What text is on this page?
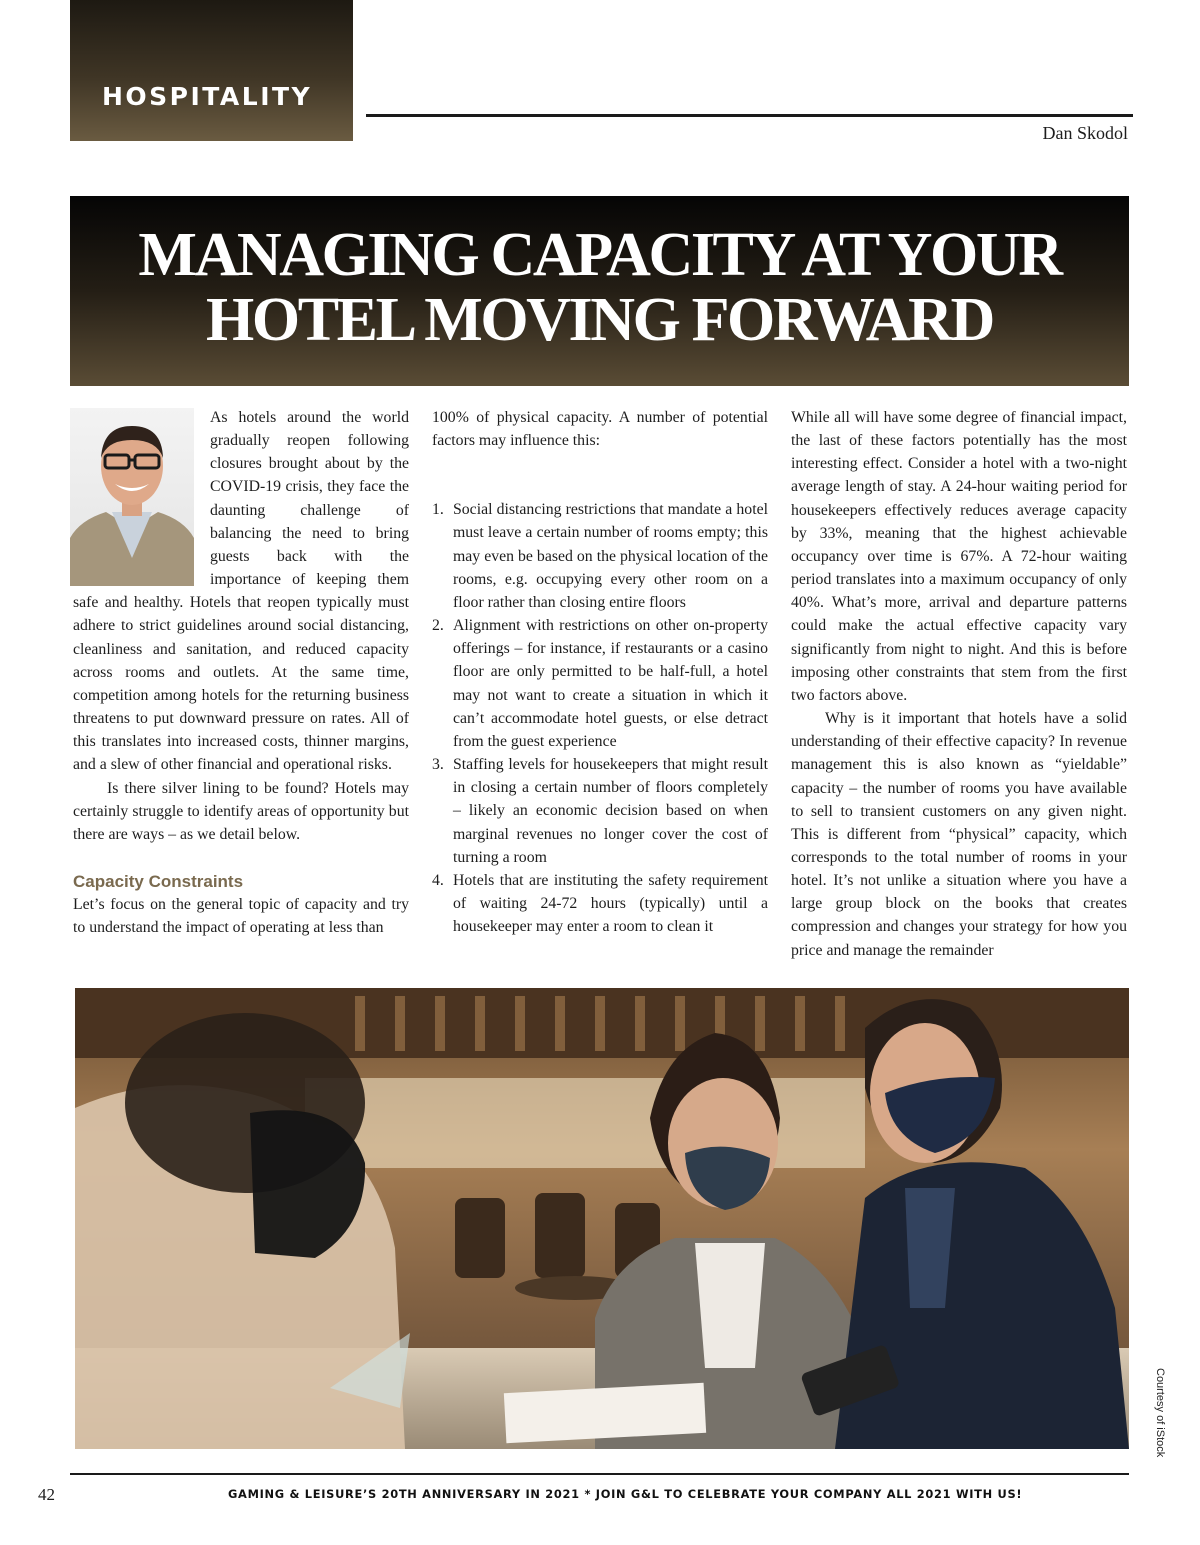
HOSPITALITY
Dan Skodol
MANAGING CAPACITY AT YOUR
HOTEL MOVING FORWARD

As hotels around the world gradually reopen following closures brought about by the COVID-19 crisis, they face the daunting challenge of balancing the need to bring guests back with the importance of keeping them safe and healthy. Hotels that reopen typically must adhere to strict guidelines around social distancing, cleanliness and sanitation, and reduced capacity across rooms and outlets. At the same time, competition among hotels for the returning business threatens to put downward pressure on rates. All of this translates into increased costs, thinner margins, and a slew of other financial and operational risks.

Is there silver lining to be found? Hotels may certainly struggle to identify areas of opportunity but there are ways – as we detail below.

Capacity Constraints

Let’s focus on the general topic of capacity and try to understand the impact of operating at less than

100% of physical capacity. A number of potential factors may influence this:

1. Social distancing restrictions that mandate a hotel must leave a certain number of rooms empty; this may even be based on the physical location of the rooms, e.g. occupying every other room on a floor rather than closing entire floors
2. Alignment with restrictions on other on-property offerings – for instance, if restaurants or a casino floor are only permitted to be half-full, a hotel may not want to create a situation in which it can’t accommodate hotel guests, or else detract from the guest experience
3. Staffing levels for housekeepers that might result in closing a certain number of floors completely – likely an economic decision based on when marginal revenues no longer cover the cost of turning a room
4. Hotels that are instituting the safety requirement of waiting 24-72 hours (typically) until a housekeeper may enter a room to clean it

While all will have some degree of financial impact, the last of these factors potentially has the most interesting effect. Consider a hotel with a two-night average length of stay. A 24-hour waiting period for housekeepers effectively reduces average capacity by 33%, meaning that the highest achievable occupancy over time is 67%. A 72-hour waiting period translates into a maximum occupancy of only 40%. What’s more, arrival and departure patterns could make the actual effective capacity vary significantly from night to night. And this is before imposing other constraints that stem from the first two factors above.

Why is it important that hotels have a solid understanding of their effective capacity? In revenue management this is also known as “yieldable” capacity – the number of rooms you have available to sell to transient customers on any given night. This is different from “physical” capacity, which corresponds to the total number of rooms in your hotel. It’s not unlike a situation where you have a large group block on the books that creates compression and changes your strategy for how you price and manage the remainder

Courtesy of iStock
42	GAMING & LEISURE’S 20TH ANNIVERSARY IN 2021 * JOIN G&L TO CELEBRATE YOUR COMPANY ALL 2021 WITH US!
